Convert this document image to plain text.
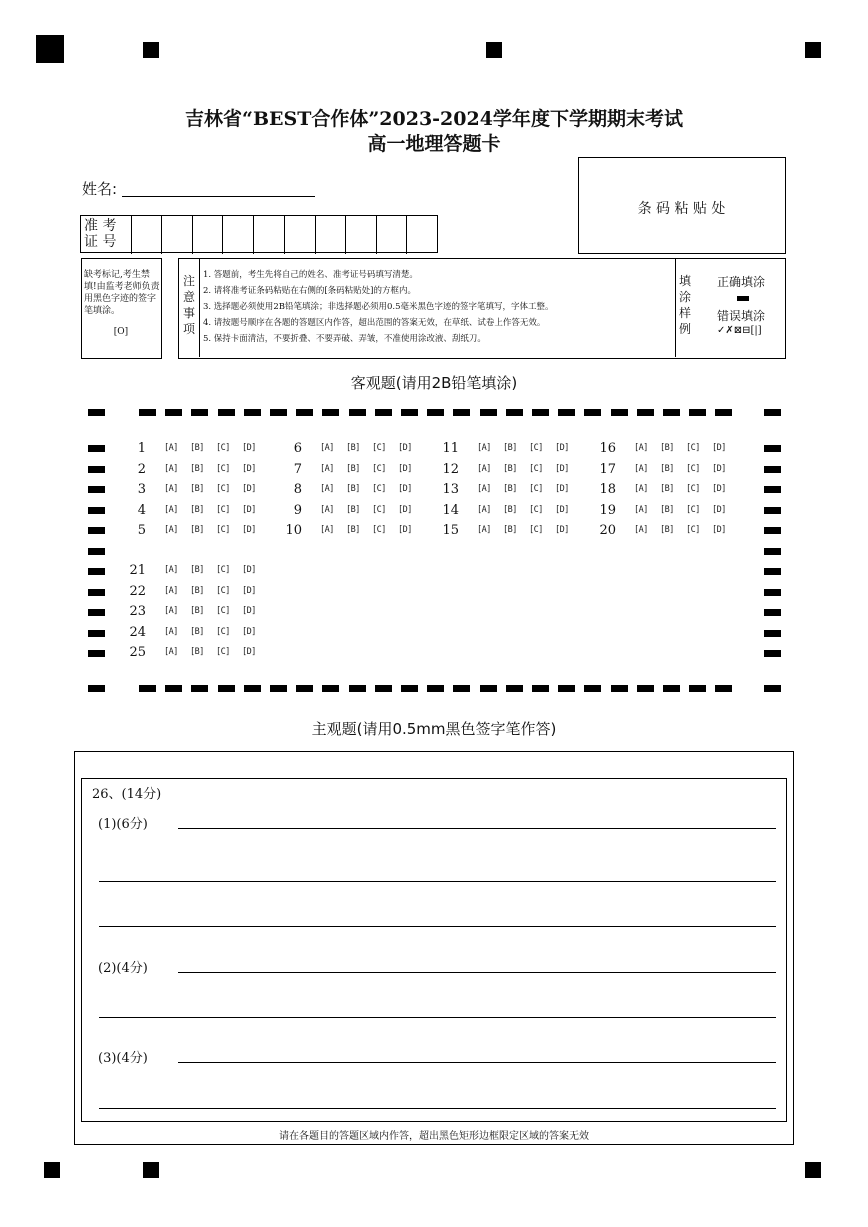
吉林省“BEST合作体”2023-2024学年度下学期期末考试
高一地理答题卡
姓名:
准 考
证 号
条 码 粘 贴 处
缺考标记,考生禁填!由监考老师负责用黑色字迹的签字笔填涂。
[O]
注
意
事
项
1. 答题前，考生先将自己的姓名、准考证号码填写清楚。
2. 请将准考证条码粘贴在右侧的[条码粘贴处]的方框内。
3. 选择题必须使用2B铅笔填涂；非选择题必须用0.5毫米黑色字迹的签字笔填写，字体工整。
4. 请按题号顺序在各题的答题区内作答，超出范围的答案无效，在草纸、试卷上作答无效。
5. 保持卡面清洁，不要折叠、不要弄破、弄皱，不准使用涂改液、刮纸刀。
填
涂
样
例
正确填涂
错误填涂
✓✗⊠⊟[|]
客观题(请用2B铅笔填涂)
1 [A] [B] [C] [D]
2 [A] [B] [C] [D]
3 [A] [B] [C] [D]
4 [A] [B] [C] [D]
5 [A] [B] [C] [D]
6 [A] [B] [C] [D]
7 [A] [B] [C] [D]
8 [A] [B] [C] [D]
9 [A] [B] [C] [D]
10 [A] [B] [C] [D]
11 [A] [B] [C] [D]
12 [A] [B] [C] [D]
13 [A] [B] [C] [D]
14 [A] [B] [C] [D]
15 [A] [B] [C] [D]
16 [A] [B] [C] [D]
17 [A] [B] [C] [D]
18 [A] [B] [C] [D]
19 [A] [B] [C] [D]
20 [A] [B] [C] [D]
21 [A] [B] [C] [D]
22 [A] [B] [C] [D]
23 [A] [B] [C] [D]
24 [A] [B] [C] [D]
25 [A] [B] [C] [D]
主观题(请用0.5mm黑色签字笔作答)
26、(14分)
(1)(6分)
(2)(4分)
(3)(4分)
请在各题目的答题区域内作答，超出黑色矩形边框限定区域的答案无效
